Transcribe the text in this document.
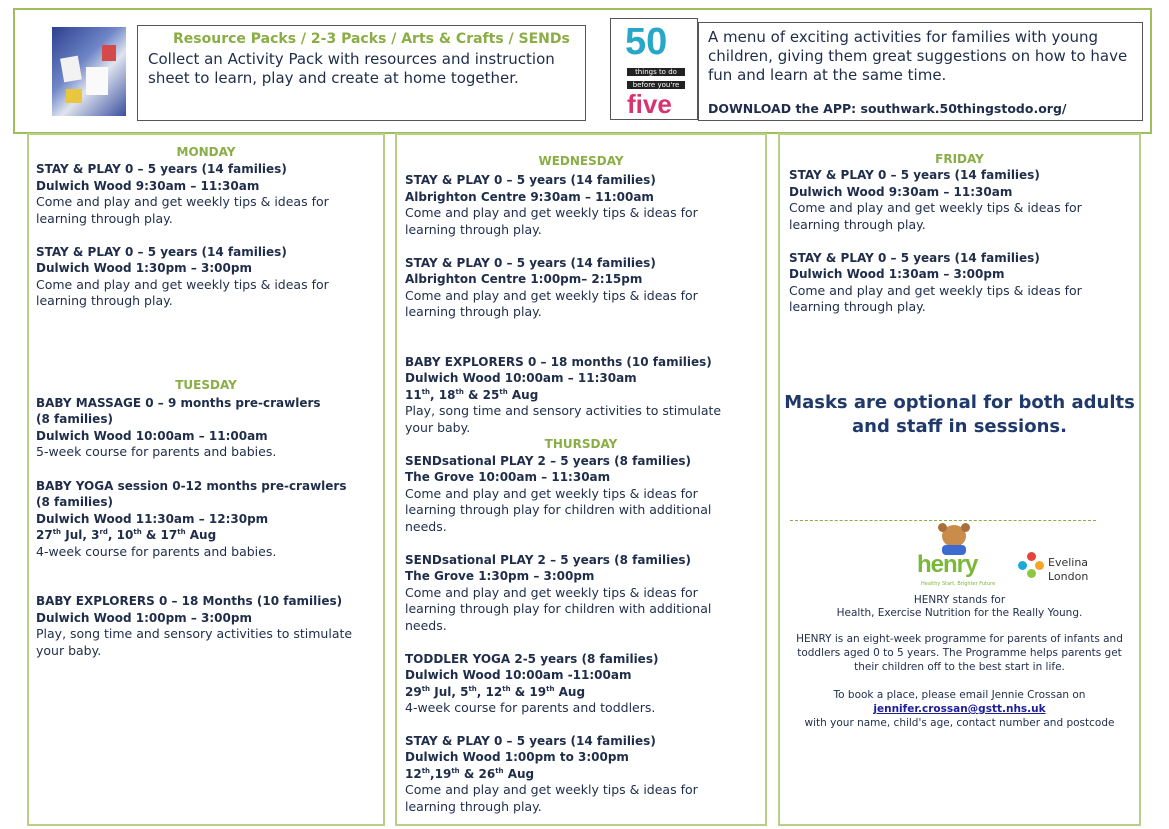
Resource Packs / 2-3 Packs / Arts & Crafts / SENDs
Collect an Activity Pack with resources and instruction
sheet to learn, play and create at home together.
50
things to do
before you're
five
A menu of exciting activities for families with young
children, giving them great suggestions on how to have
fun and learn at the same time.
DOWNLOAD the APP: southwark.50thingstodo.org/
MONDAY
STAY & PLAY 0 – 5 years (14 families)
Dulwich Wood 9:30am – 11:30am
Come and play and get weekly tips & ideas for
learning through play.
STAY & PLAY 0 – 5 years (14 families)
Dulwich Wood 1:30pm – 3:00pm
Come and play and get weekly tips & ideas for
learning through play.
TUESDAY
BABY MASSAGE 0 – 9 months pre-crawlers
(8 families)
Dulwich Wood 10:00am – 11:00am
5-week course for parents and babies.
BABY YOGA session 0-12 months pre-crawlers
(8 families)
Dulwich Wood 11:30am – 12:30pm
27th Jul, 3rd, 10th & 17th Aug
4-week course for parents and babies.
BABY EXPLORERS 0 – 18 Months (10 families)
Dulwich Wood 1:00pm – 3:00pm
Play, song time and sensory activities to stimulate
your baby.
WEDNESDAY
STAY & PLAY 0 – 5 years (14 families)
Albrighton Centre 9:30am – 11:00am
Come and play and get weekly tips & ideas for
learning through play.
STAY & PLAY 0 – 5 years (14 families)
Albrighton Centre 1:00pm– 2:15pm
Come and play and get weekly tips & ideas for
learning through play.
BABY EXPLORERS 0 – 18 months (10 families)
Dulwich Wood 10:00am – 11:30am
11th, 18th & 25th Aug
Play, song time and sensory activities to stimulate
your baby.
THURSDAY
SENDsational PLAY 2 – 5 years (8 families)
The Grove 10:00am – 11:30am
Come and play and get weekly tips & ideas for
learning through play for children with additional
needs.
SENDsational PLAY 2 – 5 years (8 families)
The Grove 1:30pm – 3:00pm
Come and play and get weekly tips & ideas for
learning through play for children with additional
needs.
TODDLER YOGA 2-5 years (8 families)
Dulwich Wood 10:00am -11:00am
29th Jul, 5th, 12th & 19th Aug
4-week course for parents and toddlers.
STAY & PLAY 0 – 5 years (14 families)
Dulwich Wood 1:00pm to 3:00pm
12th,19th & 26th Aug
Come and play and get weekly tips & ideas for
learning through play.
FRIDAY
STAY & PLAY 0 – 5 years (14 families)
Dulwich Wood 9:30am – 11:30am
Come and play and get weekly tips & ideas for
learning through play.
STAY & PLAY 0 – 5 years (14 families)
Dulwich Wood 1:30am – 3:00pm
Come and play and get weekly tips & ideas for
learning through play.
Masks are optional for both adults
and staff in sessions.
henry
Healthy Start, Brighter Future
Evelina
London
HENRY stands for
Health, Exercise Nutrition for the Really Young.
HENRY is an eight-week programme for parents of infants and
toddlers aged 0 to 5 years. The Programme helps parents get
their children off to the best start in life.
To book a place, please email Jennie Crossan on
jennifer.crossan@gstt.nhs.uk
with your name, child's age, contact number and postcode
